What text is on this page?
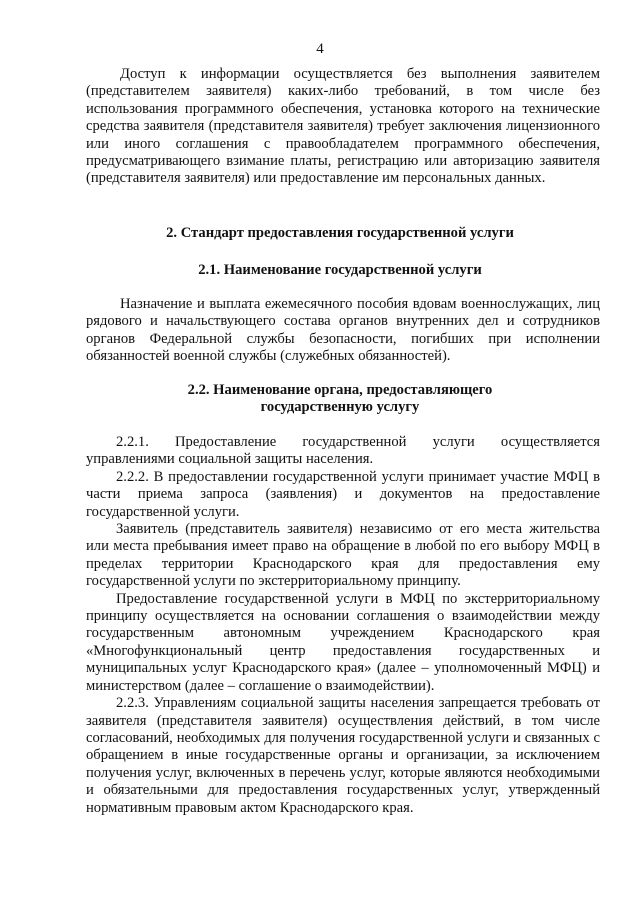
4

Доступ к информации осуществляется без выполнения заявителем (представителем заявителя) каких-либо требований, в том числе без использования программного обеспечения, установка которого на технические средства заявителя (представителя заявителя) требует заключения лицензионного или иного соглашения с правообладателем программного обеспечения, предусматривающего взимание платы, регистрацию или авторизацию заявителя (представителя заявителя) или предоставление им персональных данных.

2. Стандарт предоставления государственной услуги
2.1. Наименование государственной услуги

Назначение и выплата ежемесячного пособия вдовам военнослужащих, лиц рядового и начальствующего состава органов внутренних дел и сотрудников органов Федеральной службы безопасности, погибших при исполнении обязанностей военной службы (служебных обязанностей).

2.2. Наименование органа, предоставляющего
государственную услугу

2.2.1. Предоставление государственной услуги осуществляется управлениями социальной защиты населения.

2.2.2. В предоставлении государственной услуги принимает участие МФЦ в части приема запроса (заявления) и документов на предоставление государственной услуги.

Заявитель (представитель заявителя) независимо от его места жительства или места пребывания имеет право на обращение в любой по его выбору МФЦ в пределах территории Краснодарского края для предоставления ему государственной услуги по экстерриториальному принципу.

Предоставление государственной услуги в МФЦ по экстерриториальному принципу осуществляется на основании соглашения о взаимодействии между государственным автономным учреждением Краснодарского края «Многофункциональный центр предоставления государственных и муниципальных услуг Краснодарского края» (далее – уполномоченный МФЦ) и министерством (далее – соглашение о взаимодействии).

2.2.3. Управлениям социальной защиты населения запрещается требовать от заявителя (представителя заявителя) осуществления действий, в том числе согласований, необходимых для получения государственной услуги и связанных с обращением в иные государственные органы и организации, за исключением получения услуг, включенных в перечень услуг, которые являются необходимыми и обязательными для предоставления государственных услуг, утвержденный нормативным правовым актом Краснодарского края.
